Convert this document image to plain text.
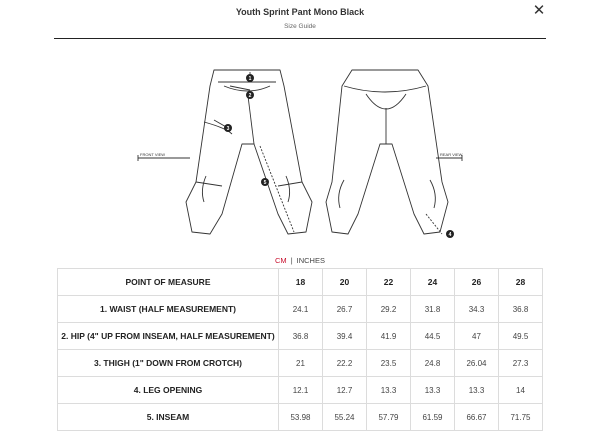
Youth Sprint Pant Mono Black
Size Guide
✕
FRONT VIEW	REAR VIEW
1
2
3
5
4
CM | INCHES
POINT OF MEASURE	18	20	22	24	26	28
1. WAIST (HALF MEASUREMENT)	24.1	26.7	29.2	31.8	34.3	36.8
2. HIP (4" UP FROM INSEAM, HALF MEASUREMENT)	36.8	39.4	41.9	44.5	47	49.5
3. THIGH (1" DOWN FROM CROTCH)	21	22.2	23.5	24.8	26.04	27.3
4. LEG OPENING	12.1	12.7	13.3	13.3	13.3	14
5. INSEAM	53.98	55.24	57.79	61.59	66.67	71.75
